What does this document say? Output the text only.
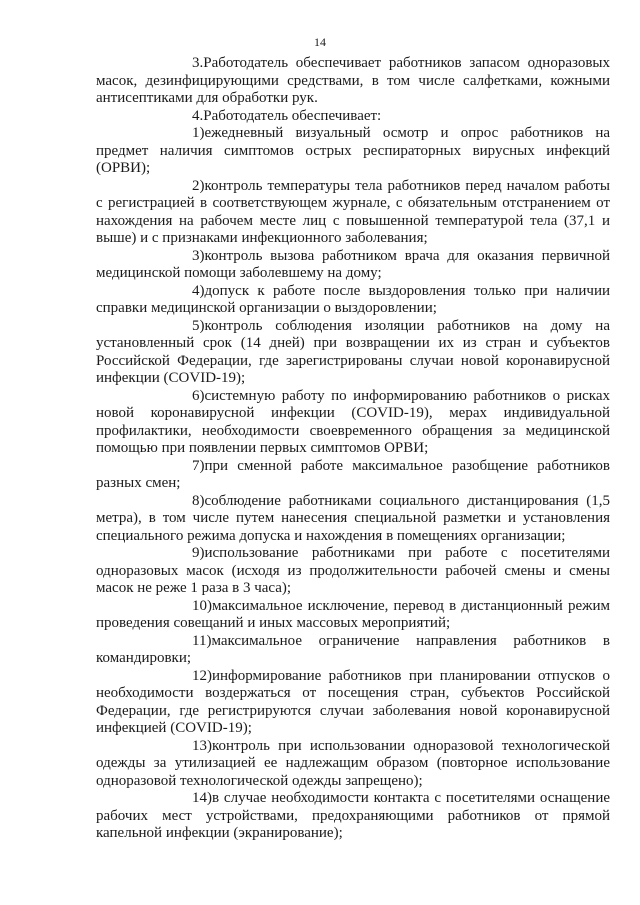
14

3.Работодатель обеспечивает работников запасом одноразовых масок, дезинфицирующими средствами, в том числе салфетками, кожными антисептиками для обработки рук.

4.Работодатель обеспечивает:

1)ежедневный визуальный осмотр и опрос работников на предмет наличия симптомов острых респираторных вирусных инфекций (ОРВИ);

2)контроль температуры тела работников перед началом работы с регистрацией в соответствующем журнале, с обязательным отстранением от нахождения на рабочем месте лиц с повышенной температурой тела (37,1 и выше) и с признаками инфекционного заболевания;

3)контроль вызова работником врача для оказания первичной медицинской помощи заболевшему на дому;

4)допуск к работе после выздоровления только при наличии справки медицинской организации о выздоровлении;

5)контроль соблюдения изоляции работников на дому на установленный срок (14 дней) при возвращении их из стран и субъектов Российской Федерации, где зарегистрированы случаи новой коронавирусной инфекции (COVID-19);

6)системную работу по информированию работников о рисках новой коронавирусной инфекции (COVID-19), мерах индивидуальной профилактики, необходимости своевременного обращения за медицинской помощью при появлении первых симптомов ОРВИ;

7)при сменной работе максимальное разобщение работников разных смен;

8)соблюдение работниками социального дистанцирования (1,5 метра), в том числе путем нанесения специальной разметки и установления специального режима допуска и нахождения в помещениях организации;

9)использование работниками при работе с посетителями одноразовых масок (исходя из продолжительности рабочей смены и смены масок не реже 1 раза в 3 часа);

10)максимальное исключение, перевод в дистанционный режим проведения совещаний и иных массовых мероприятий;

11)максимальное ограничение направления работников в командировки;

12)информирование работников при планировании отпусков о необходимости воздержаться от посещения стран, субъектов Российской Федерации, где регистрируются случаи заболевания новой коронавирусной инфекцией (COVID-19);

13)контроль при использовании одноразовой технологической одежды за утилизацией ее надлежащим образом (повторное использование одноразовой технологической одежды запрещено);

14)в случае необходимости контакта с посетителями оснащение рабочих мест устройствами, предохраняющими работников от прямой капельной инфекции (экранирование);
